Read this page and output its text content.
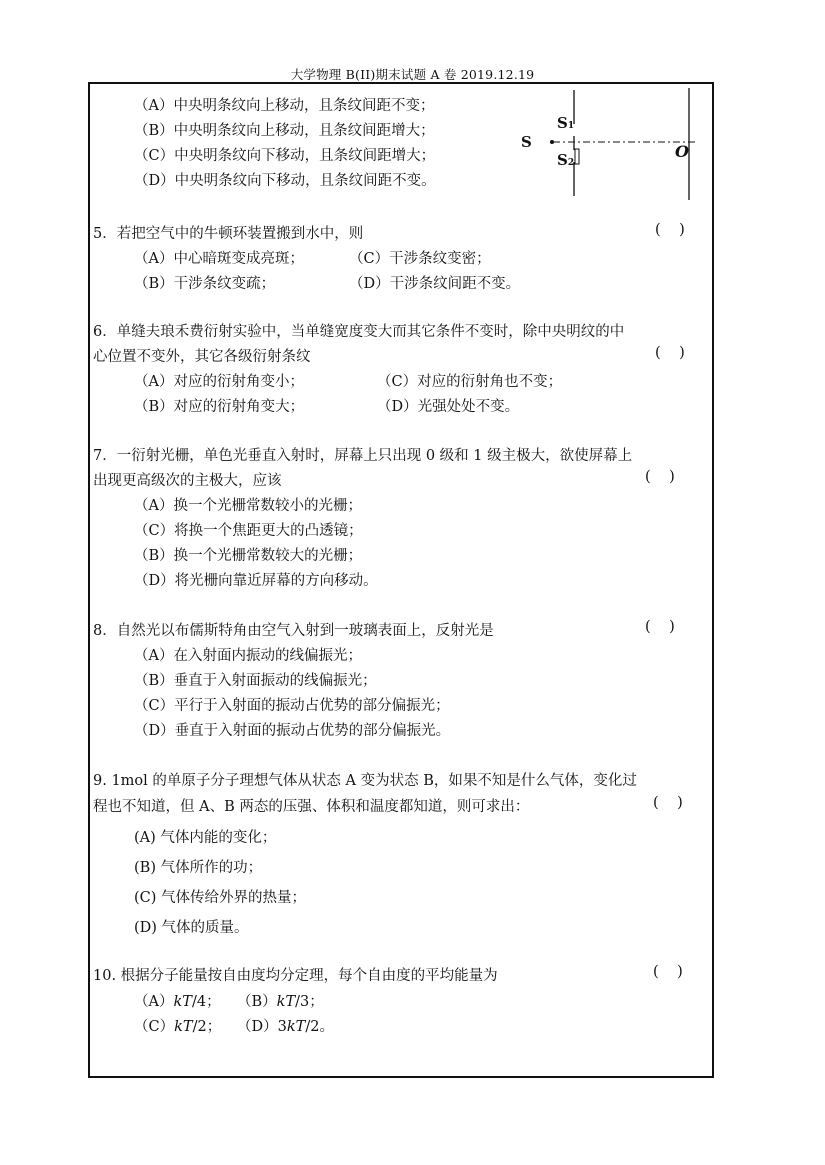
大学物理 B(II)期末试题 A 卷 2019.12.19
（A）中央明条纹向上移动，且条纹间距不变；
（B）中央明条纹向上移动，且条纹间距增大；
（C）中央明条纹向下移动，且条纹间距增大；
（D）中央明条纹向下移动，且条纹间距不变。
S
S1
S2
O
5．若把空气中的牛顿环装置搬到水中，则	(    )
（A）中心暗斑变成亮斑；	（C）干涉条纹变密；
（B）干涉条纹变疏；	（D）干涉条纹间距不变。
6．单缝夫琅禾费衍射实验中，当单缝宽度变大而其它条件不变时，除中央明纹的中
心位置不变外，其它各级衍射条纹	(    )
（A）对应的衍射角变小；	（C）对应的衍射角也不变；
（B）对应的衍射角变大；	（D）光强处处不变。
7．一衍射光栅，单色光垂直入射时，屏幕上只出现 0 级和 1 级主极大，欲使屏幕上
出现更高级次的主极大，应该	(    )
（A）换一个光栅常数较小的光栅；
（C）将换一个焦距更大的凸透镜；
（B）换一个光栅常数较大的光栅；
（D）将光栅向靠近屏幕的方向移动。
8．自然光以布儒斯特角由空气入射到一玻璃表面上，反射光是	(    )
（A）在入射面内振动的线偏振光；
（B）垂直于入射面振动的线偏振光；
（C）平行于入射面的振动占优势的部分偏振光；
（D）垂直于入射面的振动占优势的部分偏振光。
9. 1mol 的单原子分子理想气体从状态 A 变为状态 B，如果不知是什么气体，变化过
程也不知道，但 A、B 两态的压强、体积和温度都知道，则可求出：	(    )
(A) 气体内能的变化；
(B) 气体所作的功；
(C) 气体传给外界的热量；
(D) 气体的质量。
10. 根据分子能量按自由度均分定理，每个自由度的平均能量为	(    )
（A）kT/4； （B）kT/3；
（C）kT/2； （D）3kT/2。
